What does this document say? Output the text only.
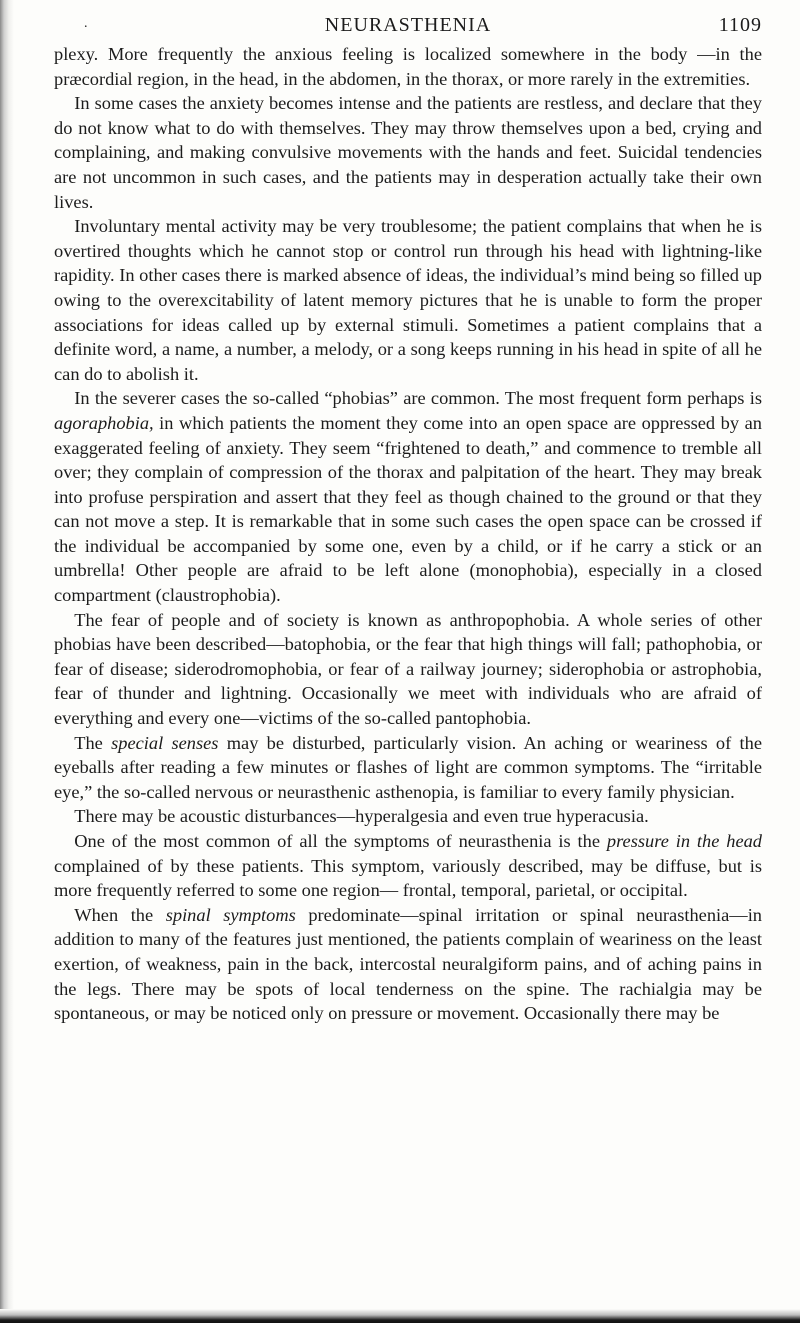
.	NEURASTHENIA	1109

plexy. More frequently the anxious feeling is localized somewhere in the body —in the præcordial region, in the head, in the abdomen, in the thorax, or more rarely in the extremities.

In some cases the anxiety becomes intense and the patients are restless, and declare that they do not know what to do with themselves. They may throw themselves upon a bed, crying and complaining, and making convulsive movements with the hands and feet. Suicidal tendencies are not uncommon in such cases, and the patients may in desperation actually take their own lives.

Involuntary mental activity may be very troublesome; the patient complains that when he is overtired thoughts which he cannot stop or control run through his head with lightning-like rapidity. In other cases there is marked absence of ideas, the individual’s mind being so filled up owing to the overexcitability of latent memory pictures that he is unable to form the proper associations for ideas called up by external stimuli. Sometimes a patient complains that a definite word, a name, a number, a melody, or a song keeps running in his head in spite of all he can do to abolish it.

In the severer cases the so-called “phobias” are common. The most frequent form perhaps is agoraphobia, in which patients the moment they come into an open space are oppressed by an exaggerated feeling of anxiety. They seem “frightened to death,” and commence to tremble all over; they complain of compression of the thorax and palpitation of the heart. They may break into profuse perspiration and assert that they feel as though chained to the ground or that they can not move a step. It is remarkable that in some such cases the open space can be crossed if the individual be accompanied by some one, even by a child, or if he carry a stick or an umbrella! Other people are afraid to be left alone (monophobia), especially in a closed compartment (claustrophobia).

The fear of people and of society is known as anthropophobia. A whole series of other phobias have been described—batophobia, or the fear that high things will fall; pathophobia, or fear of disease; siderodromophobia, or fear of a railway journey; siderophobia or astrophobia, fear of thunder and lightning. Occasionally we meet with individuals who are afraid of everything and every one—victims of the so-called pantophobia.

The special senses may be disturbed, particularly vision. An aching or weariness of the eyeballs after reading a few minutes or flashes of light are common symptoms. The “irritable eye,” the so-called nervous or neurasthenic asthenopia, is familiar to every family physician.

There may be acoustic disturbances—hyperalgesia and even true hyperacusia.

One of the most common of all the symptoms of neurasthenia is the pressure in the head complained of by these patients. This symptom, variously described, may be diffuse, but is more frequently referred to some one region— frontal, temporal, parietal, or occipital.

When the spinal symptoms predominate—spinal irritation or spinal neurasthenia—in addition to many of the features just mentioned, the patients complain of weariness on the least exertion, of weakness, pain in the back, intercostal neuralgiform pains, and of aching pains in the legs. There may be spots of local tenderness on the spine. The rachialgia may be spontaneous, or may be noticed only on pressure or movement. Occasionally there may be
